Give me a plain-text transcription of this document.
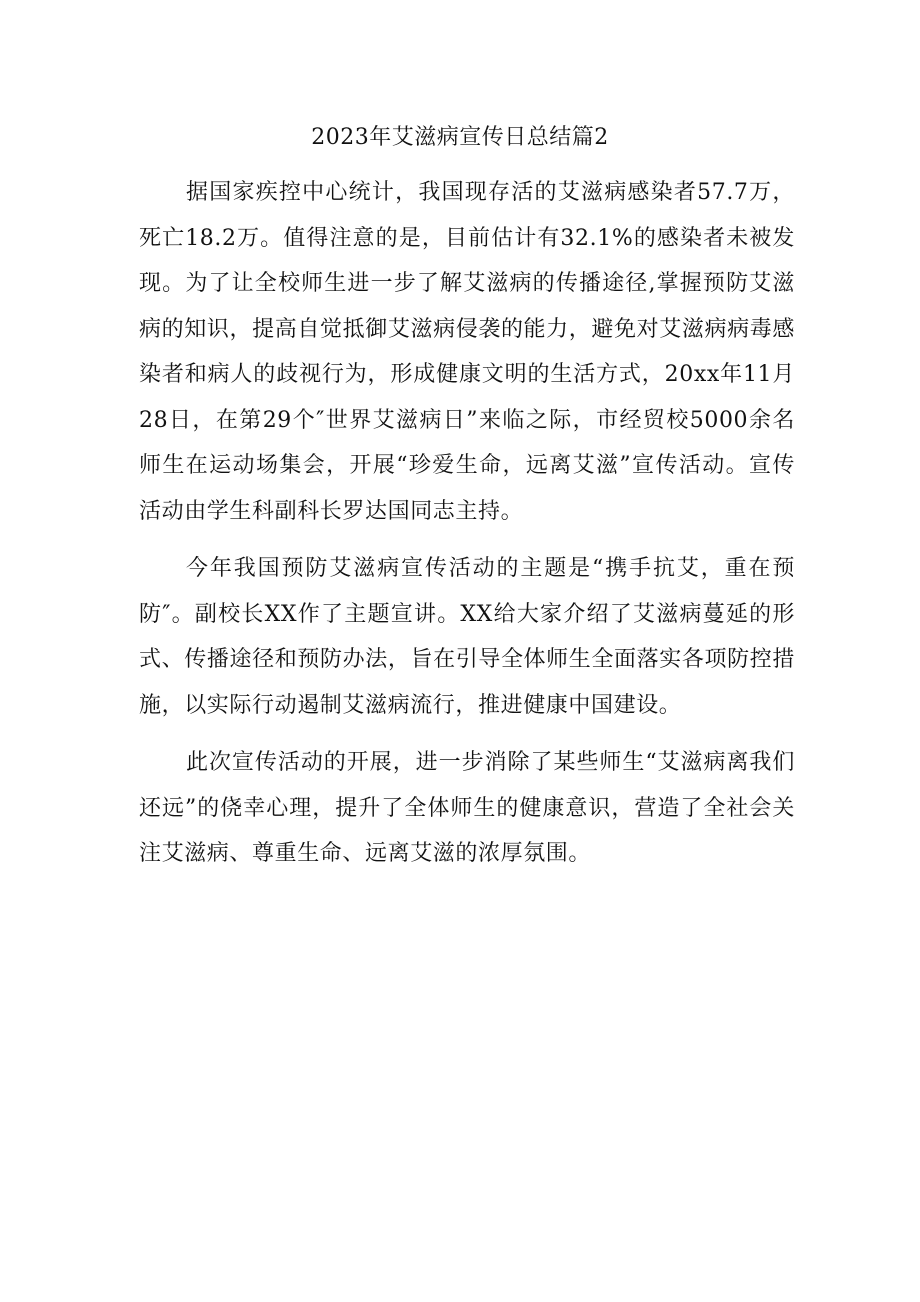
2023年艾滋病宣传日总结篇2

据国家疾控中心统计，我国现存活的艾滋病感染者57.7万，死亡18.2万。值得注意的是，目前估计有32.1%的感染者未被发现。为了让全校师生进一步了解艾滋病的传播途径,掌握预防艾滋病的知识，提高自觉抵御艾滋病侵袭的能力，避免对艾滋病病毒感染者和病人的歧视行为，形成健康文明的生活方式，20xx年11月28日，在第29个″世界艾滋病日”来临之际，市经贸校5000余名师生在运动场集会，开展“珍爱生命，远离艾滋”宣传活动。宣传活动由学生科副科长罗达国同志主持。

今年我国预防艾滋病宣传活动的主题是“携手抗艾，重在预防″。副校长XX作了主题宣讲。XX给大家介绍了艾滋病蔓延的形式、传播途径和预防办法，旨在引导全体师生全面落实各项防控措施，以实际行动遏制艾滋病流行，推进健康中国建设。

此次宣传活动的开展，进一步消除了某些师生“艾滋病离我们还远”的侥幸心理，提升了全体师生的健康意识，营造了全社会关注艾滋病、尊重生命、远离艾滋的浓厚氛围。
